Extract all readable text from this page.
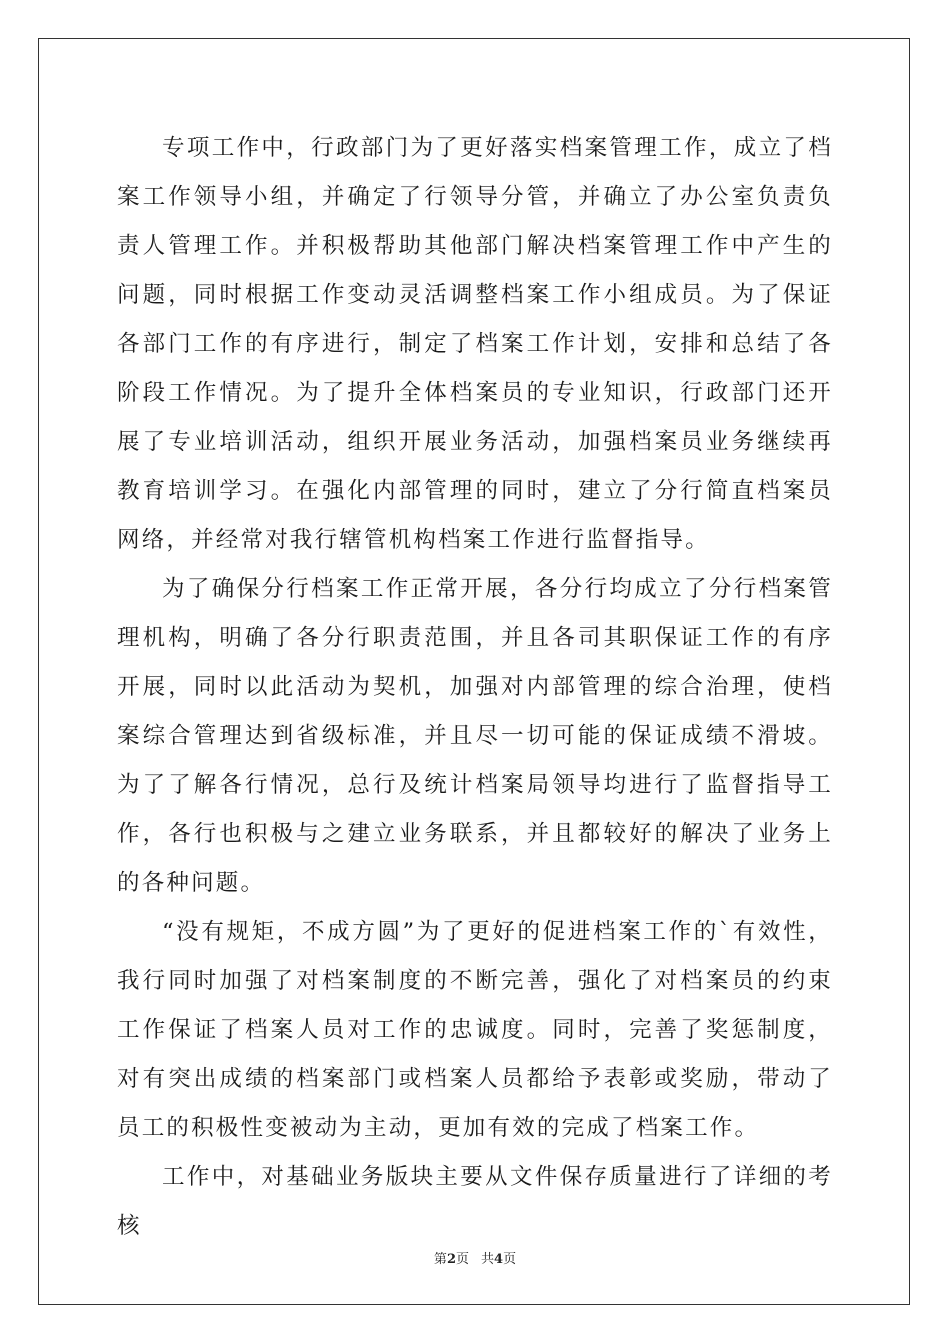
专项工作中，行政部门为了更好落实档案管理工作，成立了档案工作领导小组，并确定了行领导分管，并确立了办公室负责负责人管理工作。并积极帮助其他部门解决档案管理工作中产生的问题，同时根据工作变动灵活调整档案工作小组成员。为了保证各部门工作的有序进行，制定了档案工作计划，安排和总结了各阶段工作情况。为了提升全体档案员的专业知识，行政部门还开展了专业培训活动，组织开展业务活动，加强档案员业务继续再教育培训学习。在强化内部管理的同时，建立了分行简直档案员网络，并经常对我行辖管机构档案工作进行监督指导。

为了确保分行档案工作正常开展，各分行均成立了分行档案管理机构，明确了各分行职责范围，并且各司其职保证工作的有序开展，同时以此活动为契机，加强对内部管理的综合治理，使档案综合管理达到省级标准，并且尽一切可能的保证成绩不滑坡。为了了解各行情况，总行及统计档案局领导均进行了监督指导工作，各行也积极与之建立业务联系，并且都较好的解决了业务上的各种问题。

“没有规矩，不成方圆”为了更好的促进档案工作的`有效性，我行同时加强了对档案制度的不断完善，强化了对档案员的约束工作保证了档案人员对工作的忠诚度。同时，完善了奖惩制度，对有突出成绩的档案部门或档案人员都给予表彰或奖励，带动了员工的积极性变被动为主动，更加有效的完成了档案工作。

工作中，对基础业务版块主要从文件保存质量进行了详细的考核

第2页 共4页
